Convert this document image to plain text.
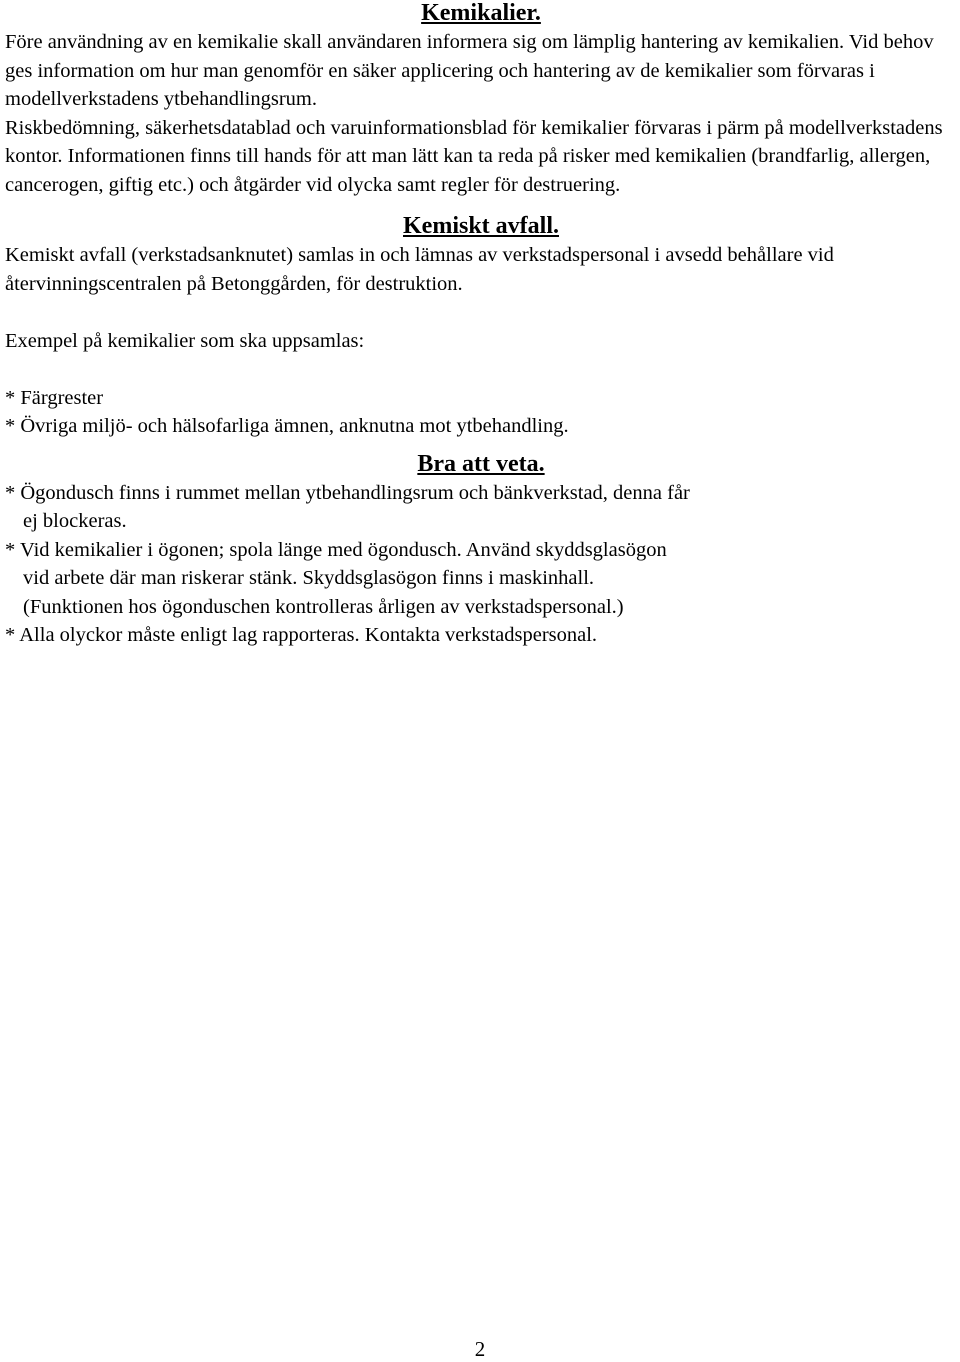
Kemikalier.

Före användning av en kemikalie skall användaren informera sig om lämplig hantering av kemikalien. Vid behov ges information om hur man genomför en säker applicering och hantering av de kemikalier som förvaras i modellverkstadens ytbehandlingsrum.

Riskbedömning, säkerhetsdatablad och varuinformationsblad för kemikalier förvaras i pärm på modellverkstadens kontor. Informationen finns till hands för att man lätt kan ta reda på risker med kemikalien (brandfarlig, allergen, cancerogen, giftig etc.) och åtgärder vid olycka samt regler för destruering.

Kemiskt avfall.

Kemiskt avfall (verkstadsanknutet) samlas in och lämnas av verkstadspersonal i avsedd behållare vid återvinningscentralen på Betonggården, för destruktion.

Exempel på kemikalier som ska uppsamlas:

* Färgrester

* Övriga miljö- och hälsofarliga ämnen, anknutna mot ytbehandling.

Bra att veta.

* Ögondusch finns i rummet mellan ytbehandlingsrum och bänkverkstad, denna får

ej blockeras.

* Vid kemikalier i ögonen; spola länge med ögondusch. Använd skyddsglasögon

vid arbete där man riskerar stänk. Skyddsglasögon finns i maskinhall.

(Funktionen hos ögonduschen kontrolleras årligen av verkstadspersonal.)

* Alla olyckor måste enligt lag rapporteras. Kontakta verkstadspersonal.

2
